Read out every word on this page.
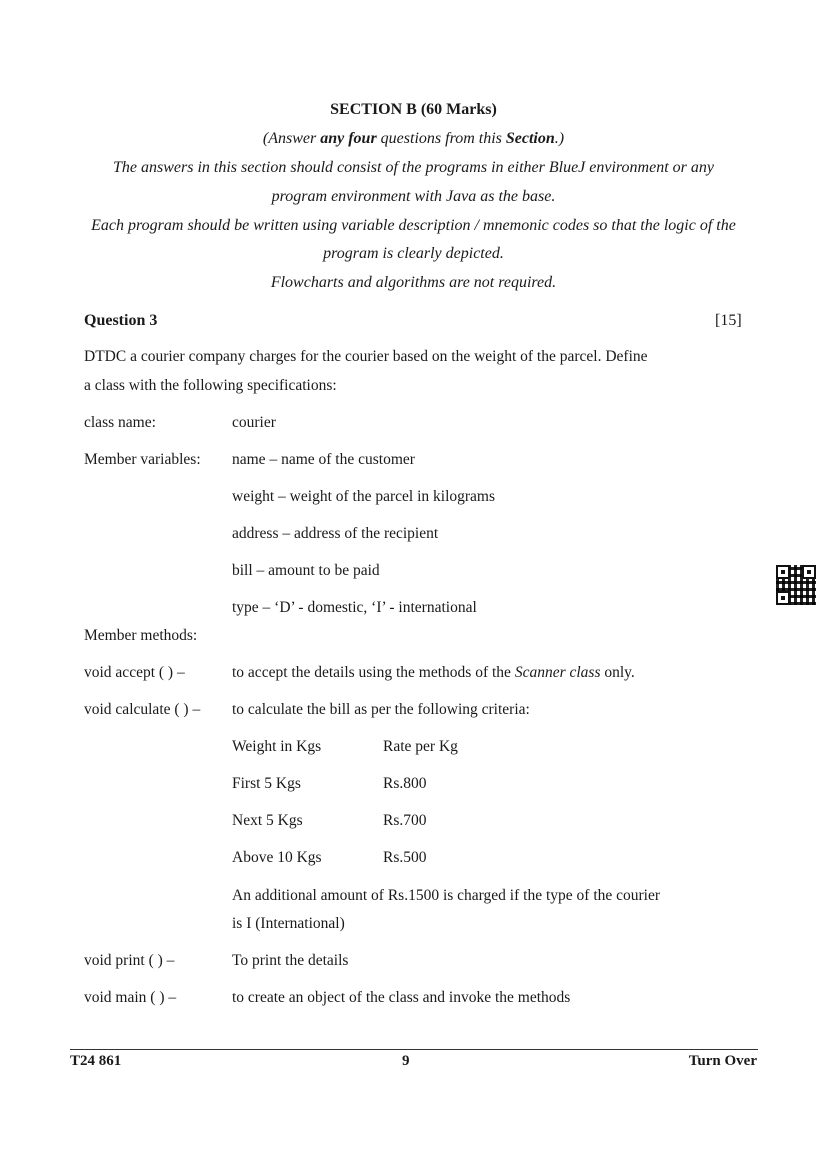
SECTION B (60 Marks)
(Answer any four questions from this Section.)
The answers in this section should consist of the programs in either BlueJ environment or any
program environment with Java as the base.
Each program should be written using variable description / mnemonic codes so that the logic of the
program is clearly depicted.
Flowcharts and algorithms are not required.
Question 3	[15]
DTDC a courier company charges for the courier based on the weight of the parcel. Define
a class with the following specifications:
class name:	courier
Member variables: name – name of the customer
weight – weight of the parcel in kilograms
address – address of the recipient
bill – amount to be paid
type – ‘D’ - domestic, ‘I’ - international
Member methods:
void accept ( ) –	to accept the details using the methods of the Scanner class only.
void calculate ( ) – to calculate the bill as per the following criteria:
Weight in Kgs	Rate per Kg
First 5 Kgs	Rs.800
Next 5 Kgs	Rs.700
Above 10 Kgs	Rs.500
An additional amount of Rs.1500 is charged if the type of the courier
is I (International)
void print ( ) –	To print the details
void main ( ) –	to create an object of the class and invoke the methods
T24 861	9	Turn Over
